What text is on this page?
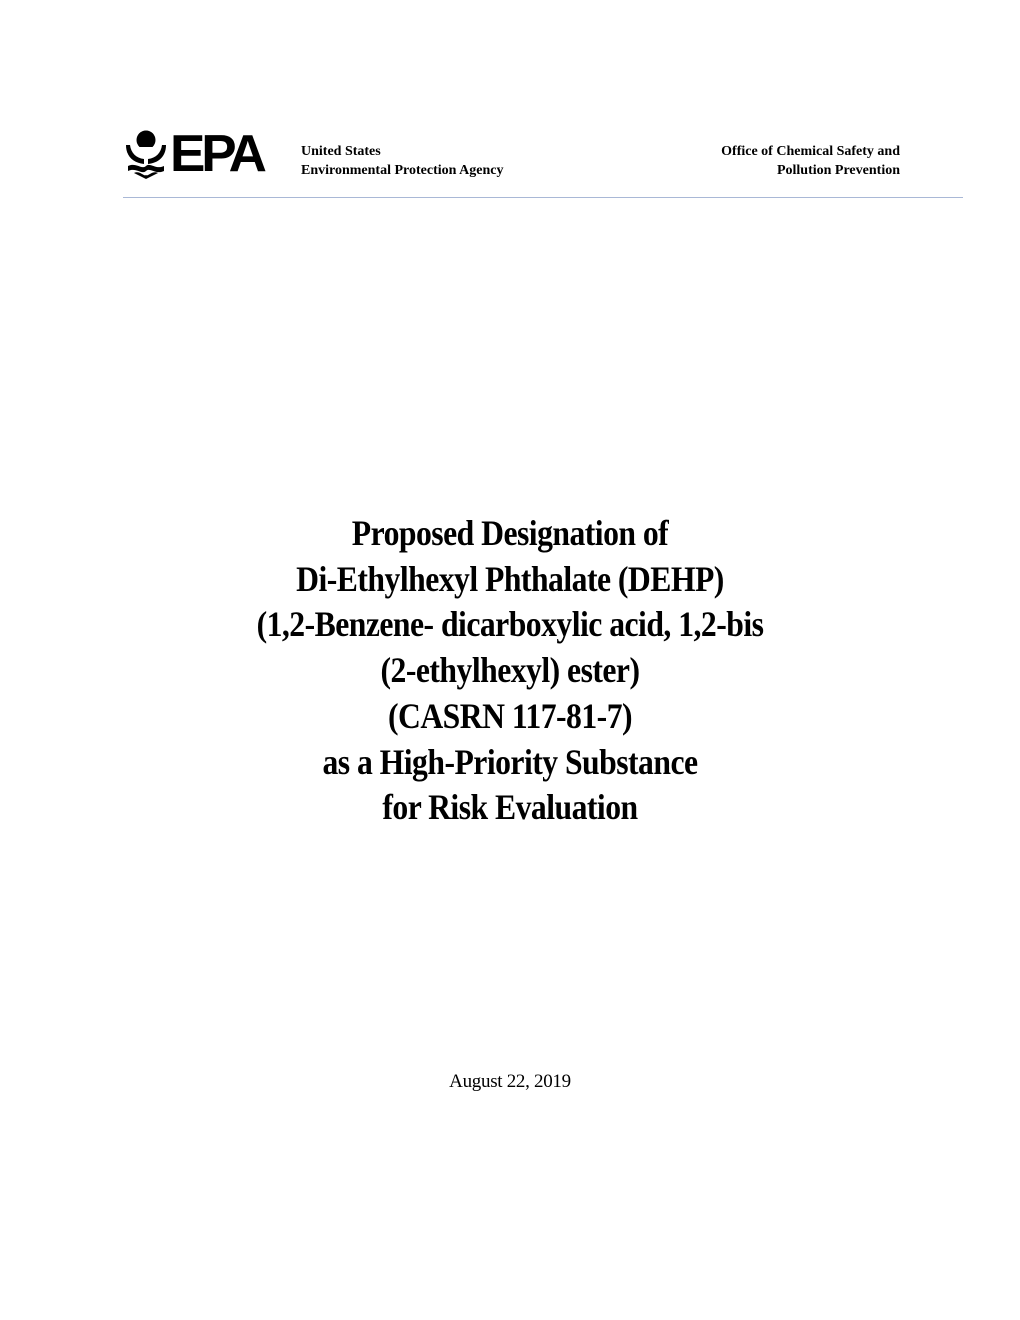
EPA	United States
Environmental Protection Agency
Office of Chemical Safety and
Pollution Prevention
Proposed Designation of
Di-Ethylhexyl Phthalate (DEHP)
(1,2-Benzene- dicarboxylic acid, 1,2-bis
(2-ethylhexyl) ester)
(CASRN 117-81-7)
as a High-Priority Substance
for Risk Evaluation
August 22, 2019
